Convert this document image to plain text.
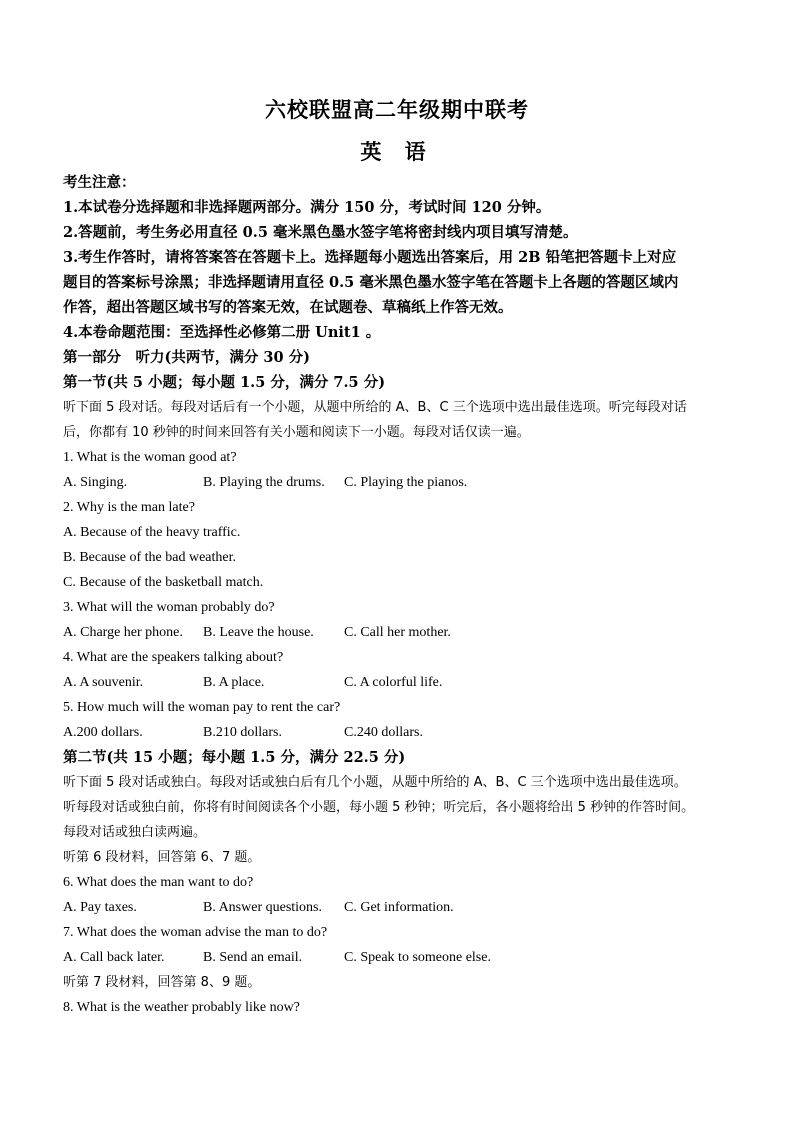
六校联盟高二年级期中联考
英 语
考生注意：
1.本试卷分选择题和非选择题两部分。满分 150 分，考试时间 120 分钟。
2.答题前，考生务必用直径 0.5 毫米黑色墨水签字笔将密封线内项目填写清楚。
3.考生作答时，请将答案答在答题卡上。选择题每小题选出答案后，用 2B 铅笔把答题卡上对应
题目的答案标号涂黑；非选择题请用直径 0.5 毫米黑色墨水签字笔在答题卡上各题的答题区域内
作答，超出答题区域书写的答案无效，在试题卷、草稿纸上作答无效。
4.本卷命题范围：至选择性必修第二册 Unit1 。
第一部分　听力(共两节，满分 30 分)
第一节(共 5 小题；每小题 1.5 分，满分 7.5 分)
听下面 5 段对话。每段对话后有一个小题，从题中所给的 A、B、C 三个选项中选出最佳选项。听完每段对话
后，你都有 10 秒钟的时间来回答有关小题和阅读下一小题。每段对话仅读一遍。
1. What is the woman good at?
A. Singing.	B. Playing the drums. C. Playing the pianos.
2. Why is the man late?
A. Because of the heavy traffic.
B. Because of the bad weather.
C. Because of the basketball match.
3. What will the woman probably do?
A. Charge her phone. B. Leave the house. C. Call her mother.
4. What are the speakers talking about?
A. A souvenir.	B. A place.	C. A colorful life.
5. How much will the woman pay to rent the car?
A.200 dollars.	B.210 dollars.	C.240 dollars.
第二节(共 15 小题；每小题 1.5 分，满分 22.5 分)
听下面 5 段对话或独白。每段对话或独白后有几个小题，从题中所给的 A、B、C 三个选项中选出最佳选项。
听每段对话或独白前，你将有时间阅读各个小题，每小题 5 秒钟；听完后，各小题将给出 5 秒钟的作答时间。
每段对话或独白读两遍。
听第 6 段材料，回答第 6、7 题。
6. What does the man want to do?
A. Pay taxes.	B. Answer questions. C. Get information.
7. What does the woman advise the man to do?
A. Call back later.	B. Send an email.	C. Speak to someone else.
听第 7 段材料，回答第 8、9 题。
8. What is the weather probably like now?
